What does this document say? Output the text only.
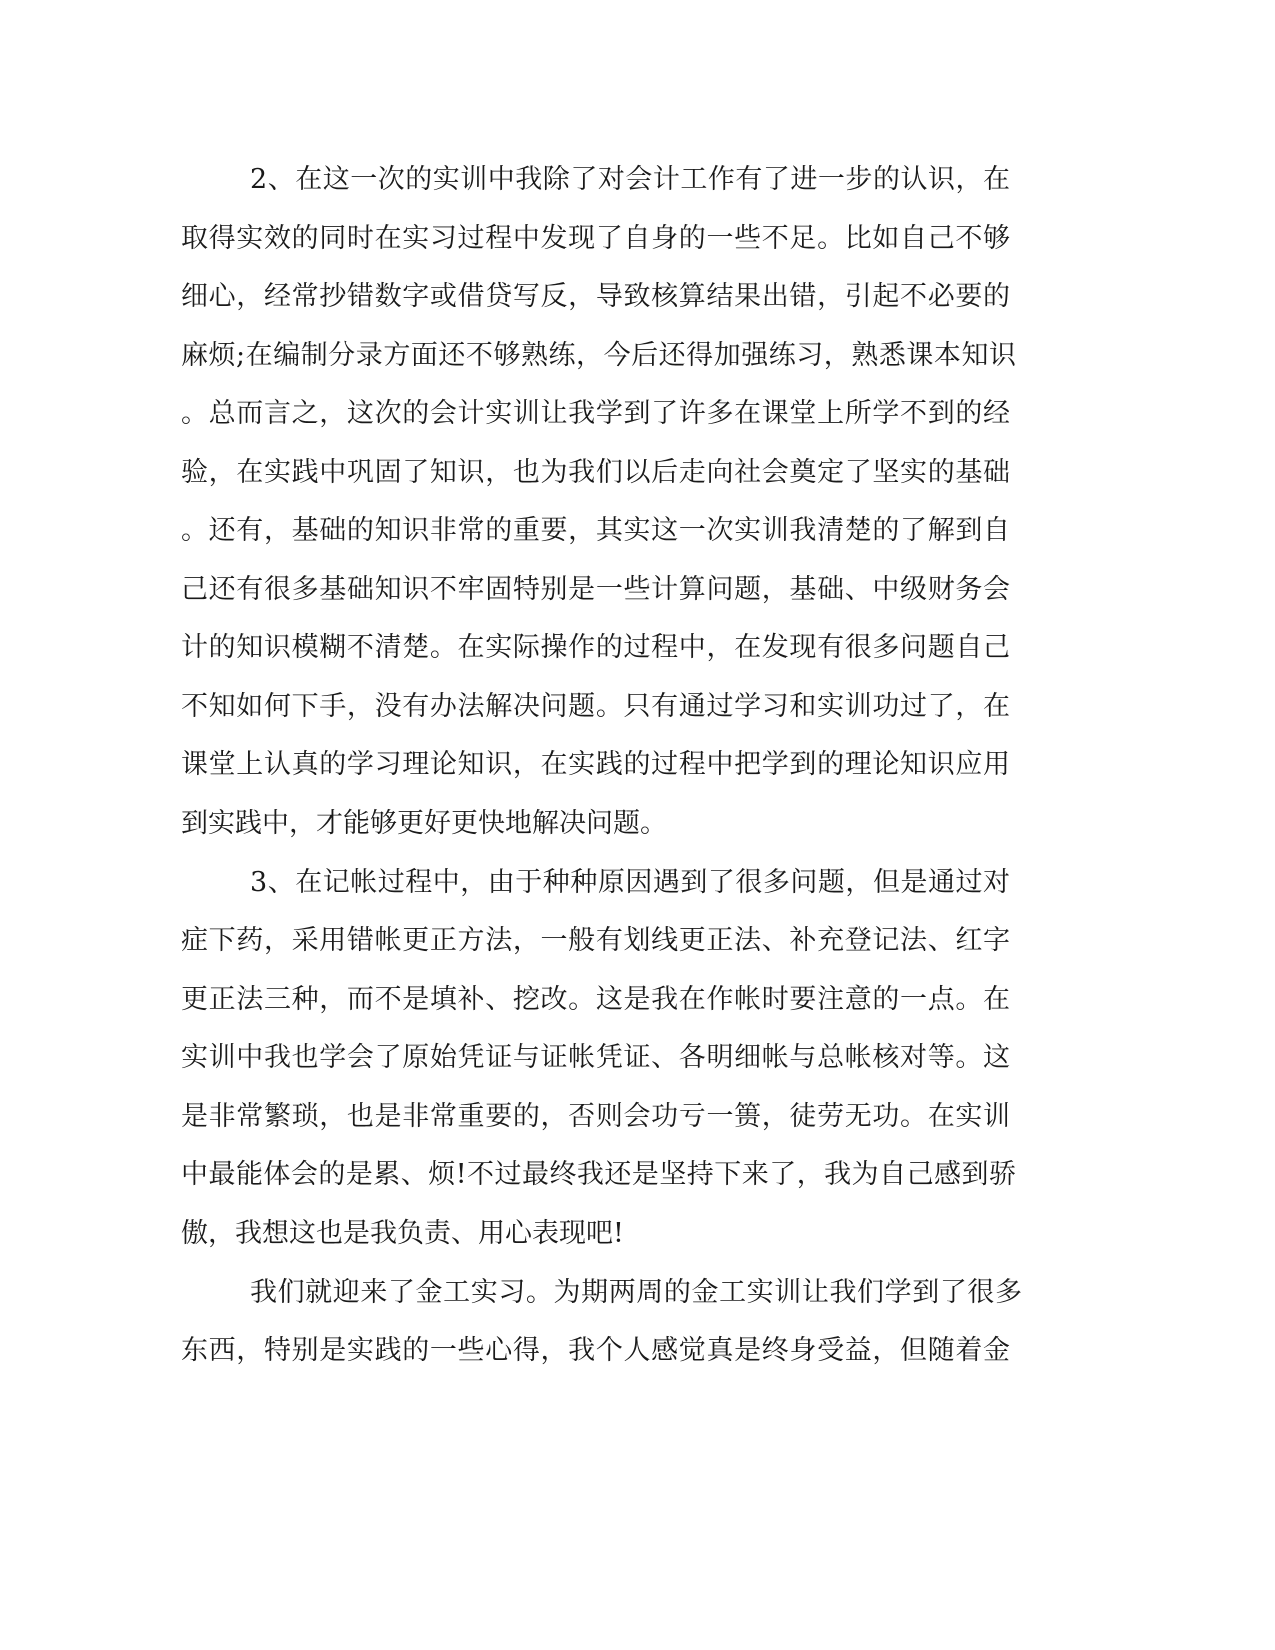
2、在这一次的实训中我除了对会计工作有了进一步的认识，在
取得实效的同时在实习过程中发现了自身的一些不足。比如自己不够
细心，经常抄错数字或借贷写反，导致核算结果出错，引起不必要的
麻烦;在编制分录方面还不够熟练，今后还得加强练习，熟悉课本知识
。总而言之，这次的会计实训让我学到了许多在课堂上所学不到的经
验，在实践中巩固了知识，也为我们以后走向社会奠定了坚实的基础
。还有，基础的知识非常的重要，其实这一次实训我清楚的了解到自
己还有很多基础知识不牢固特别是一些计算问题，基础、中级财务会
计的知识模糊不清楚。在实际操作的过程中，在发现有很多问题自己
不知如何下手，没有办法解决问题。只有通过学习和实训功过了，在
课堂上认真的学习理论知识，在实践的过程中把学到的理论知识应用
到实践中，才能够更好更快地解决问题。
3、在记帐过程中，由于种种原因遇到了很多问题，但是通过对
症下药，采用错帐更正方法，一般有划线更正法、补充登记法、红字
更正法三种，而不是填补、挖改。这是我在作帐时要注意的一点。在
实训中我也学会了原始凭证与证帐凭证、各明细帐与总帐核对等。这
是非常繁琐，也是非常重要的，否则会功亏一篑，徒劳无功。在实训
中最能体会的是累、烦!不过最终我还是坚持下来了，我为自己感到骄
傲，我想这也是我负责、用心表现吧!
我们就迎来了金工实习。为期两周的金工实训让我们学到了很多
东西，特别是实践的一些心得，我个人感觉真是终身受益，但随着金
